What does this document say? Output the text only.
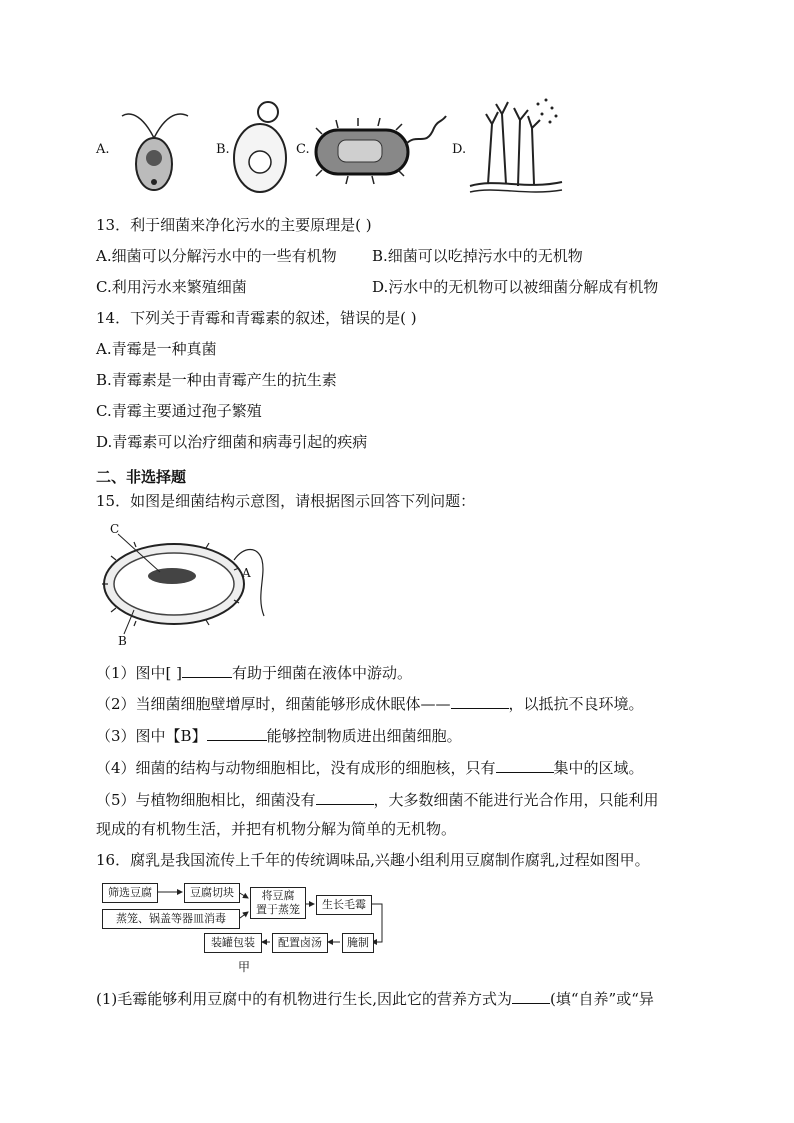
A.	B.	C.	D.
13．利于细菌来净化污水的主要原理是( )
A.细菌可以分解污水中的一些有机物 B.细菌可以吃掉污水中的无机物
C.利用污水来繁殖细菌	D.污水中的无机物可以被细菌分解成有机物
14．下列关于青霉和青霉素的叙述，错误的是( )
A.青霉是一种真菌
B.青霉素是一种由青霉产生的抗生素
C.青霉主要通过孢子繁殖
D.青霉素可以治疗细菌和病毒引起的疾病
二、非选择题
15．如图是细菌结构示意图，请根据图示回答下列问题：
C
A
B
（1）图中[ ]	有助于细菌在液体中游动。
（2）当细菌细胞壁增厚时，细菌能够形成休眠体——	，以抵抗不良环境。
（3）图中【B】	能够控制物质进出细菌细胞。
（4）细菌的结构与动物细胞相比，没有成形的细胞核，只有	集中的区域。
（5）与植物细胞相比，细菌没有	，大多数细菌不能进行光合作用，只能利用
现成的有机物生活，并把有机物分解为简单的无机物。
16．腐乳是我国流传上千年的传统调味品,兴趣小组利用豆腐制作腐乳,过程如图甲。
筛选豆腐	豆腐切块
蒸笼、锅盖等器皿消毒
将豆腐
置于蒸笼	生长毛霉
腌制
配置卤汤
装罐包装
甲
(1)毛霉能够利用豆腐中的有机物进行生长,因此它的营养方式为	(填“自养”或“异
